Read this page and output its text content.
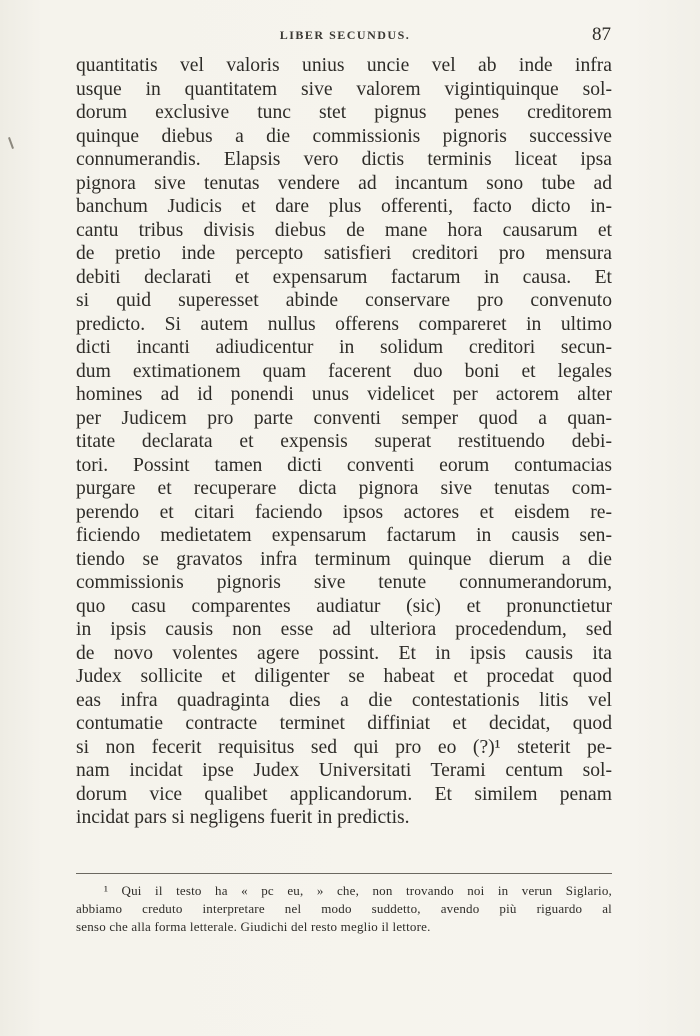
LIBER SECUNDUS.	87
quantitatis vel valoris unius uncie vel ab inde infra
usque in quantitatem sive valorem vigintiquinque sol-
dorum exclusive tunc stet pignus penes creditorem
quinque diebus a die commissionis pignoris successive
connumerandis. Elapsis vero dictis terminis liceat ipsa
pignora sive tenutas vendere ad incantum sono tube ad
banchum Judicis et dare plus offerenti, facto dicto in-
cantu tribus divisis diebus de mane hora causarum et
de pretio inde percepto satisfieri creditori pro mensura
debiti declarati et expensarum factarum in causa. Et
si quid superesset abinde conservare pro convenuto
predicto. Si autem nullus offerens compareret in ultimo
dicti incanti adiudicentur in solidum creditori secun-
dum extimationem quam facerent duo boni et legales
homines ad id ponendi unus videlicet per actorem alter
per Judicem pro parte conventi semper quod a quan-
titate declarata et expensis superat restituendo debi-
tori. Possint tamen dicti conventi eorum contumacias
purgare et recuperare dicta pignora sive tenutas com-
perendo et citari faciendo ipsos actores et eisdem re-
ficiendo medietatem expensarum factarum in causis sen-
tiendo se gravatos infra terminum quinque dierum a die
commissionis pignoris sive tenute connumerandorum,
quo casu comparentes audiatur (sic) et pronunctietur
in ipsis causis non esse ad ulteriora procedendum, sed
de novo volentes agere possint. Et in ipsis causis ita
Judex sollicite et diligenter se habeat et procedat quod
eas infra quadraginta dies a die contestationis litis vel
contumatie contracte terminet diffiniat et decidat, quod
si non fecerit requisitus sed qui pro eo (?)¹ steterit pe-
nam incidat ipse Judex Universitati Terami centum sol-
dorum vice qualibet applicandorum. Et similem penam
incidat pars si negligens fuerit in predictis.
¹ Qui il testo ha « pc eu, » che, non trovando noi in verun Siglario,
abbiamo creduto interpretare nel modo suddetto, avendo più riguardo al
senso che alla forma letterale. Giudichi del resto meglio il lettore.
